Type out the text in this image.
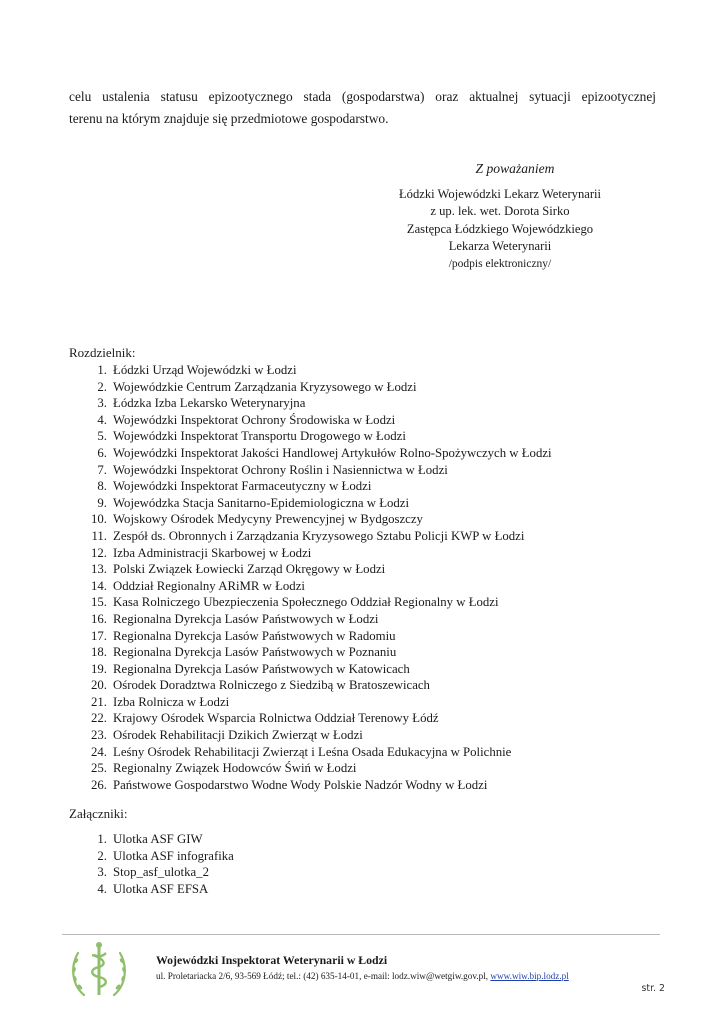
celu ustalenia statusu epizootycznego stada (gospodarstwa) oraz aktualnej sytuacji epizootycznej
terenu na którym znajduje się przedmiotowe gospodarstwo.
Z poważaniem
Łódzki Wojewódzki Lekarz Weterynarii
z up. lek. wet. Dorota Sirko
Zastępca Łódzkiego Wojewódzkiego
Lekarza Weterynarii
/podpis elektroniczny/
Rozdzielnik:
1. Łódzki Urząd Wojewódzki w Łodzi
2. Wojewódzkie Centrum Zarządzania Kryzysowego w Łodzi
3. Łódzka Izba Lekarsko Weterynaryjna
4. Wojewódzki Inspektorat Ochrony Środowiska w Łodzi
5. Wojewódzki Inspektorat Transportu Drogowego w Łodzi
6. Wojewódzki Inspektorat Jakości Handlowej Artykułów Rolno-Spożywczych w Łodzi
7. Wojewódzki Inspektorat Ochrony Roślin i Nasiennictwa w Łodzi
8. Wojewódzki Inspektorat Farmaceutyczny w Łodzi
9. Wojewódzka Stacja Sanitarno-Epidemiologiczna w Łodzi
10. Wojskowy Ośrodek Medycyny Prewencyjnej w Bydgoszczy
11. Zespół ds. Obronnych i Zarządzania Kryzysowego Sztabu Policji KWP w Łodzi
12. Izba Administracji Skarbowej w Łodzi
13. Polski Związek Łowiecki Zarząd Okręgowy w Łodzi
14. Oddział Regionalny ARiMR w Łodzi
15. Kasa Rolniczego Ubezpieczenia Społecznego Oddział Regionalny w Łodzi
16. Regionalna Dyrekcja Lasów Państwowych w Łodzi
17. Regionalna Dyrekcja Lasów Państwowych w Radomiu
18. Regionalna Dyrekcja Lasów Państwowych w Poznaniu
19. Regionalna Dyrekcja Lasów Państwowych w Katowicach
20. Ośrodek Doradztwa Rolniczego z Siedzibą w Bratoszewicach
21. Izba Rolnicza w Łodzi
22. Krajowy Ośrodek Wsparcia Rolnictwa Oddział Terenowy Łódź
23. Ośrodek Rehabilitacji Dzikich Zwierząt w Łodzi
24. Leśny Ośrodek Rehabilitacji Zwierząt i Leśna Osada Edukacyjna w Polichnie
25. Regionalny Związek Hodowców Świń w Łodzi
26. Państwowe Gospodarstwo Wodne Wody Polskie Nadzór Wodny w Łodzi
Załączniki:
1. Ulotka ASF GIW
2. Ulotka ASF infografika
3. Stop_asf_ulotka_2
4. Ulotka ASF EFSA
Wojewódzki Inspektorat Weterynarii w Łodzi
ul. Proletariacka 2/6, 93-569 Łódź; tel.: (42) 635-14-01, e-mail: lodz.wiw@wetgiw.gov.pl, www.wiw.bip.lodz.pl
str. 2
